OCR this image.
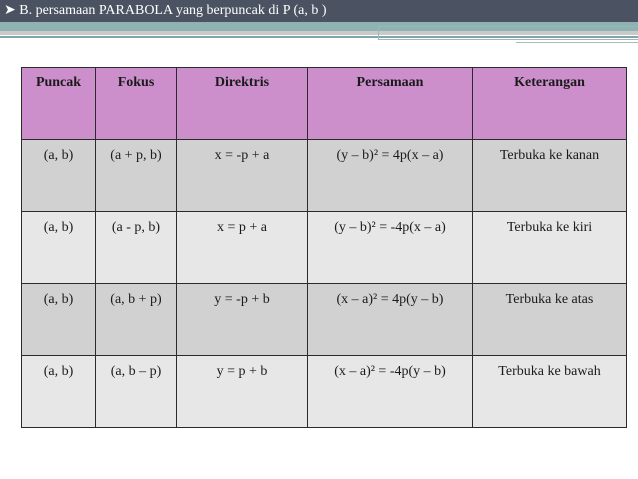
➤ B. persamaan PARABOLA yang berpuncak di P (a, b )
Puncak	Fokus	Direktris	Persamaan	Keterangan
(a, b)	(a + p, b)	x = -p + a	(y – b)² = 4p(x – a)	Terbuka ke kanan
(a, b)	(a - p, b)	x = p + a	(y – b)² = -4p(x – a)	Terbuka ke kiri
(a, b)	(a, b + p)	y = -p + b	(x – a)² = 4p(y – b)	Terbuka ke atas
(a, b)	(a, b – p)	y = p + b	(x – a)² = -4p(y – b)	Terbuka ke bawah
